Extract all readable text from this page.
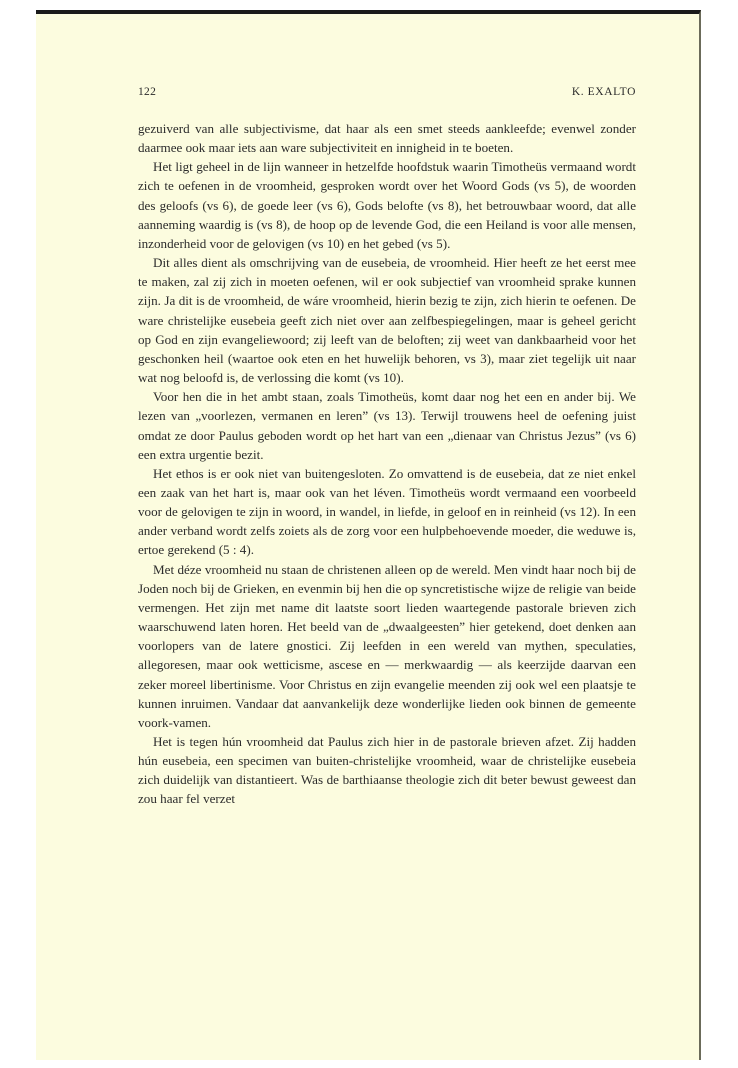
122	K. EXALTO

gezuiverd van alle subjectivisme, dat haar als een smet steeds aankleefde; evenwel zonder daarmee ook maar iets aan ware subjectiviteit en innigheid in te boeten.

Het ligt geheel in de lijn wanneer in hetzelfde hoofdstuk waarin Timotheüs vermaand wordt zich te oefenen in de vroomheid, gesproken wordt over het Woord Gods (vs 5), de woorden des geloofs (vs 6), de goede leer (vs 6), Gods belofte (vs 8), het betrouwbaar woord, dat alle aanneming waardig is (vs 8), de hoop op de levende God, die een Heiland is voor alle mensen, inzonderheid voor de gelovigen (vs 10) en het gebed (vs 5).

Dit alles dient als omschrijving van de eusebeia, de vroomheid. Hier heeft ze het eerst mee te maken, zal zij zich in moeten oefenen, wil er ook subjectief van vroomheid sprake kunnen zijn. Ja dit is de vroomheid, de wáre vroomheid, hierin bezig te zijn, zich hierin te oefenen. De ware christelijke eusebeia geeft zich niet over aan zelfbespiegelingen, maar is geheel gericht op God en zijn evangeliewoord; zij leeft van de beloften; zij weet van dankbaarheid voor het geschonken heil (waartoe ook eten en het huwelijk behoren, vs 3), maar ziet tegelijk uit naar wat nog beloofd is, de verlossing die komt (vs 10).

Voor hen die in het ambt staan, zoals Timotheüs, komt daar nog het een en ander bij. We lezen van „voorlezen, vermanen en leren” (vs 13). Terwijl trouwens heel de oefening juist omdat ze door Paulus geboden wordt op het hart van een „dienaar van Christus Jezus” (vs 6) een extra urgentie bezit.

Het ethos is er ook niet van buitengesloten. Zo omvattend is de eusebeia, dat ze niet enkel een zaak van het hart is, maar ook van het léven. Timotheüs wordt vermaand een voorbeeld voor de gelovigen te zijn in woord, in wandel, in liefde, in geloof en in reinheid (vs 12). In een ander verband wordt zelfs zoiets als de zorg voor een hulpbehoevende moeder, die weduwe is, ertoe gerekend (5 : 4).

Met déze vroomheid nu staan de christenen alleen op de wereld. Men vindt haar noch bij de Joden noch bij de Grieken, en evenmin bij hen die op syncretistische wijze de religie van beide vermengen. Het zijn met name dit laatste soort lieden waartegende pastorale brieven zich waarschuwend laten horen. Het beeld van de „dwaalgeesten” hier getekend, doet denken aan voorlopers van de latere gnostici. Zij leefden in een wereld van mythen, speculaties, allegoresen, maar ook wetticisme, ascese en — merkwaardig — als keerzijde daarvan een zeker moreel libertinisme. Voor Christus en zijn evangelie meenden zij ook wel een plaatsje te kunnen inruimen. Vandaar dat aanvankelijk deze wonderlijke lieden ook binnen de gemeente voork-vamen.

Het is tegen hún vroomheid dat Paulus zich hier in de pastorale brieven afzet. Zij hadden hún eusebeia, een specimen van buiten-christelijke vroomheid, waar de christelijke eusebeia zich duidelijk van distantieert. Was de barthiaanse theologie zich dit beter bewust geweest dan zou haar fel verzet
